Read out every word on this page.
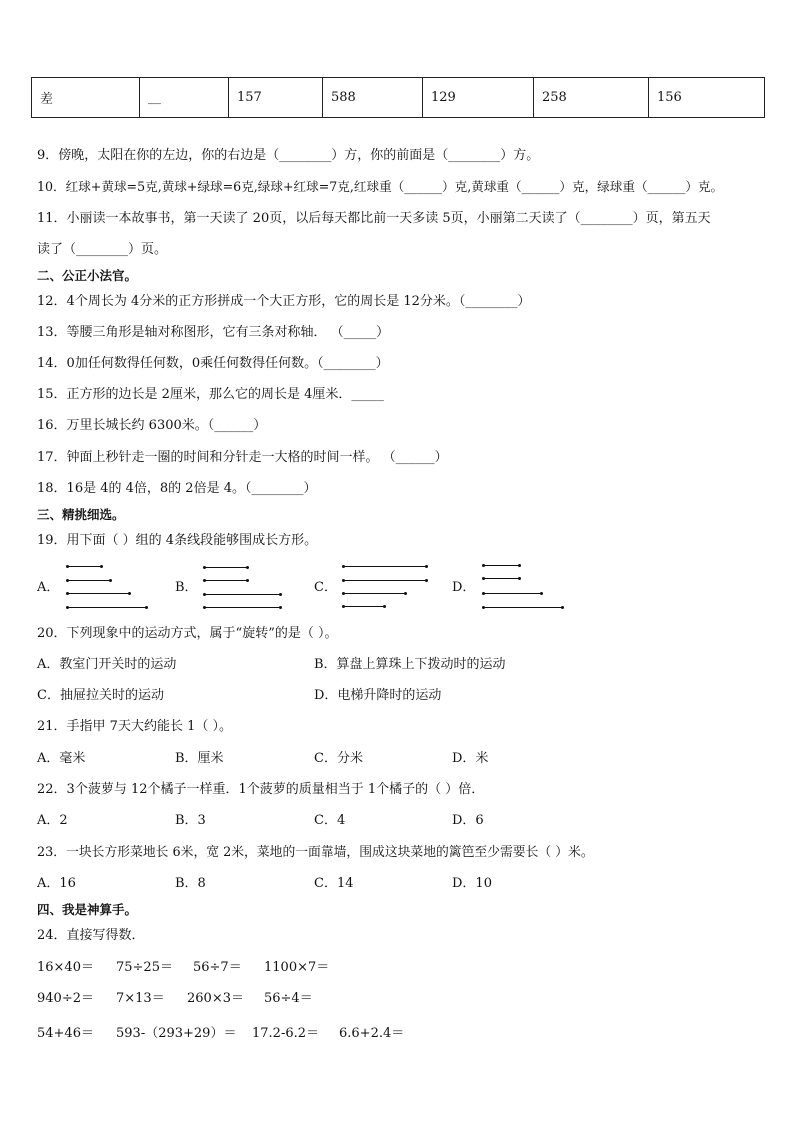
差	__	157	588	129	258	156
9．傍晚，太阳在你的左边，你的右边是（________）方，你的前面是（________）方。
10．红球+黄球=5克,黄球+绿球=6克,绿球+红球=7克,红球重（______）克,黄球重（______）克，绿球重（______）克。
11．小丽读一本故事书，第一天读了 20页，以后每天都比前一天多读 5页，小丽第二天读了（________）页，第五天
读了（________）页。
二、公正小法官。
12．4个周长为 4分米的正方形拼成一个大正方形，它的周长是 12分米。（________）
13．等腰三角形是轴对称图形，它有三条对称轴． （_____）
14．0加任何数得任何数，0乘任何数得任何数。（________）
15．正方形的边长是 2厘米，那么它的周长是 4厘米．_____
16．万里长城长约 6300米。（______）
17．钟面上秒针走一圈的时间和分针走一大格的时间一样。 （______）
18．16是 4的 4倍，8的 2倍是 4。（________）
三、精挑细选。
19．用下面（ ）组的 4条线段能够围成长方形。
A．	B．	C．	D．
20．下列现象中的运动方式，属于“旋转”的是（ ）。
A．教室门开关时的运动	B．算盘上算珠上下拨动时的运动
C．抽屉拉关时的运动	D．电梯升降时的运动
21．手指甲 7天大约能长 1（ ）。
A．毫米	B．厘米	C．分米	D．米
22．3个菠萝与 12个橘子一样重．1个菠萝的质量相当于 1个橘子的（ ）倍．
A．2	B．3	C．4	D．6
23．一块长方形菜地长 6米，宽 2米，菜地的一面靠墙，围成这块菜地的篱笆至少需要长（ ）米。
A．16	B．8	C．14	D．10
四、我是神算手。
24．直接写得数．
16×40＝ 75÷25＝ 56÷7＝ 1100×7＝
940÷2＝ 7×13＝ 260×3＝ 56÷4＝
54+46＝ 593-（293+29）＝ 17.2-6.2＝ 6.6+2.4＝
